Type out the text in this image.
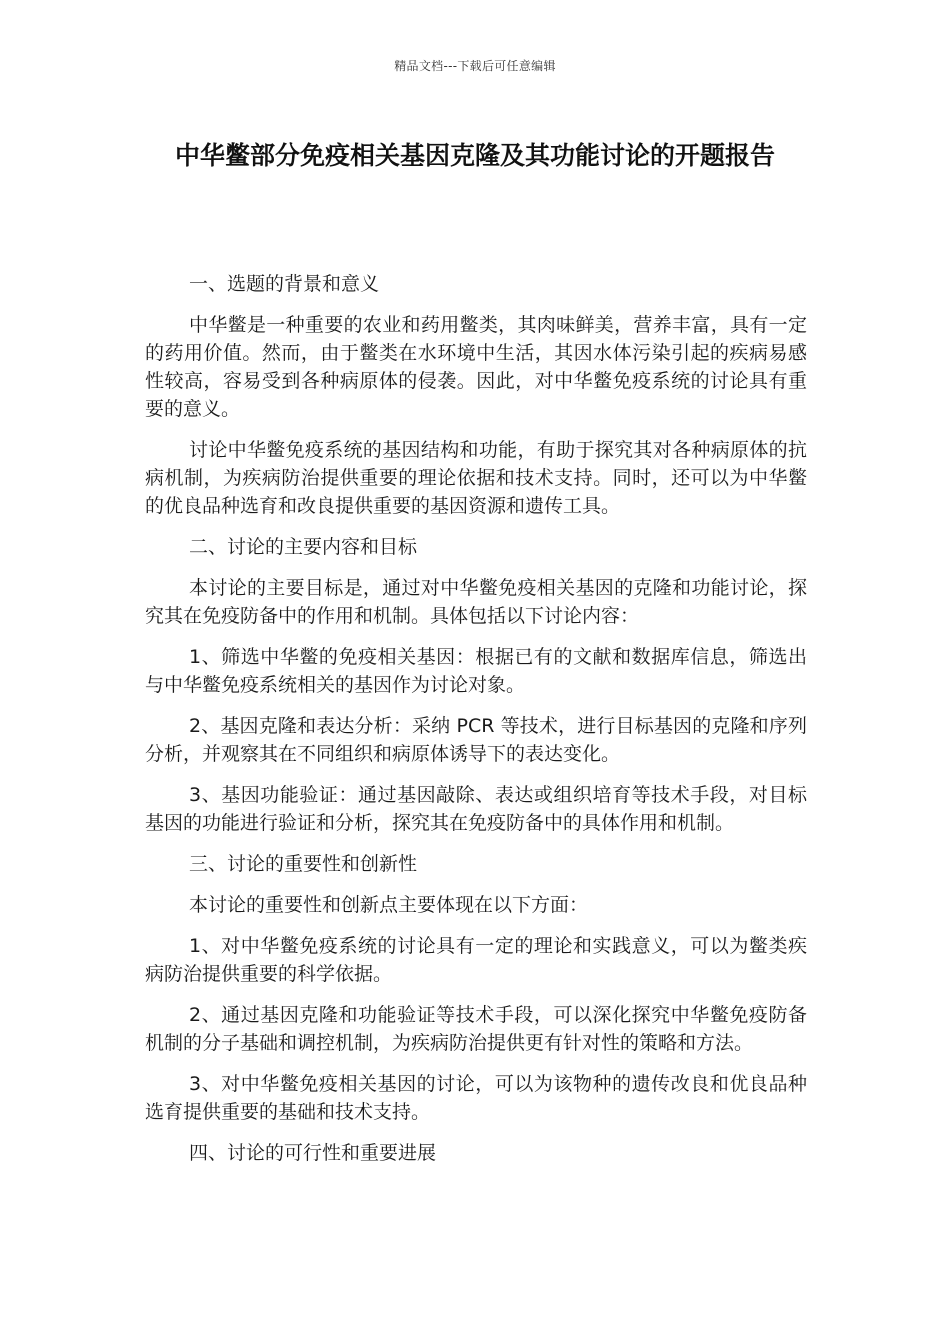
精品文档---下载后可任意编辑
中华鳖部分免疫相关基因克隆及其功能讨论的开题报告

一、选题的背景和意义

中华鳖是一种重要的农业和药用鳖类，其肉味鲜美，营养丰富，具有一定的药用价值。然而，由于鳖类在水环境中生活，其因水体污染引起的疾病易感性较高，容易受到各种病原体的侵袭。因此，对中华鳖免疫系统的讨论具有重要的意义。

讨论中华鳖免疫系统的基因结构和功能，有助于探究其对各种病原体的抗病机制，为疾病防治提供重要的理论依据和技术支持。同时，还可以为中华鳖的优良品种选育和改良提供重要的基因资源和遗传工具。

二、讨论的主要内容和目标

本讨论的主要目标是，通过对中华鳖免疫相关基因的克隆和功能讨论，探究其在免疫防备中的作用和机制。具体包括以下讨论内容：

1、筛选中华鳖的免疫相关基因：根据已有的文献和数据库信息，筛选出与中华鳖免疫系统相关的基因作为讨论对象。

2、基因克隆和表达分析：采纳 PCR 等技术，进行目标基因的克隆和序列分析，并观察其在不同组织和病原体诱导下的表达变化。

3、基因功能验证：通过基因敲除、表达或组织培育等技术手段，对目标基因的功能进行验证和分析，探究其在免疫防备中的具体作用和机制。

三、讨论的重要性和创新性

本讨论的重要性和创新点主要体现在以下方面：

1、对中华鳖免疫系统的讨论具有一定的理论和实践意义，可以为鳖类疾病防治提供重要的科学依据。

2、通过基因克隆和功能验证等技术手段，可以深化探究中华鳖免疫防备机制的分子基础和调控机制，为疾病防治提供更有针对性的策略和方法。

3、对中华鳖免疫相关基因的讨论，可以为该物种的遗传改良和优良品种选育提供重要的基础和技术支持。

四、讨论的可行性和重要进展
